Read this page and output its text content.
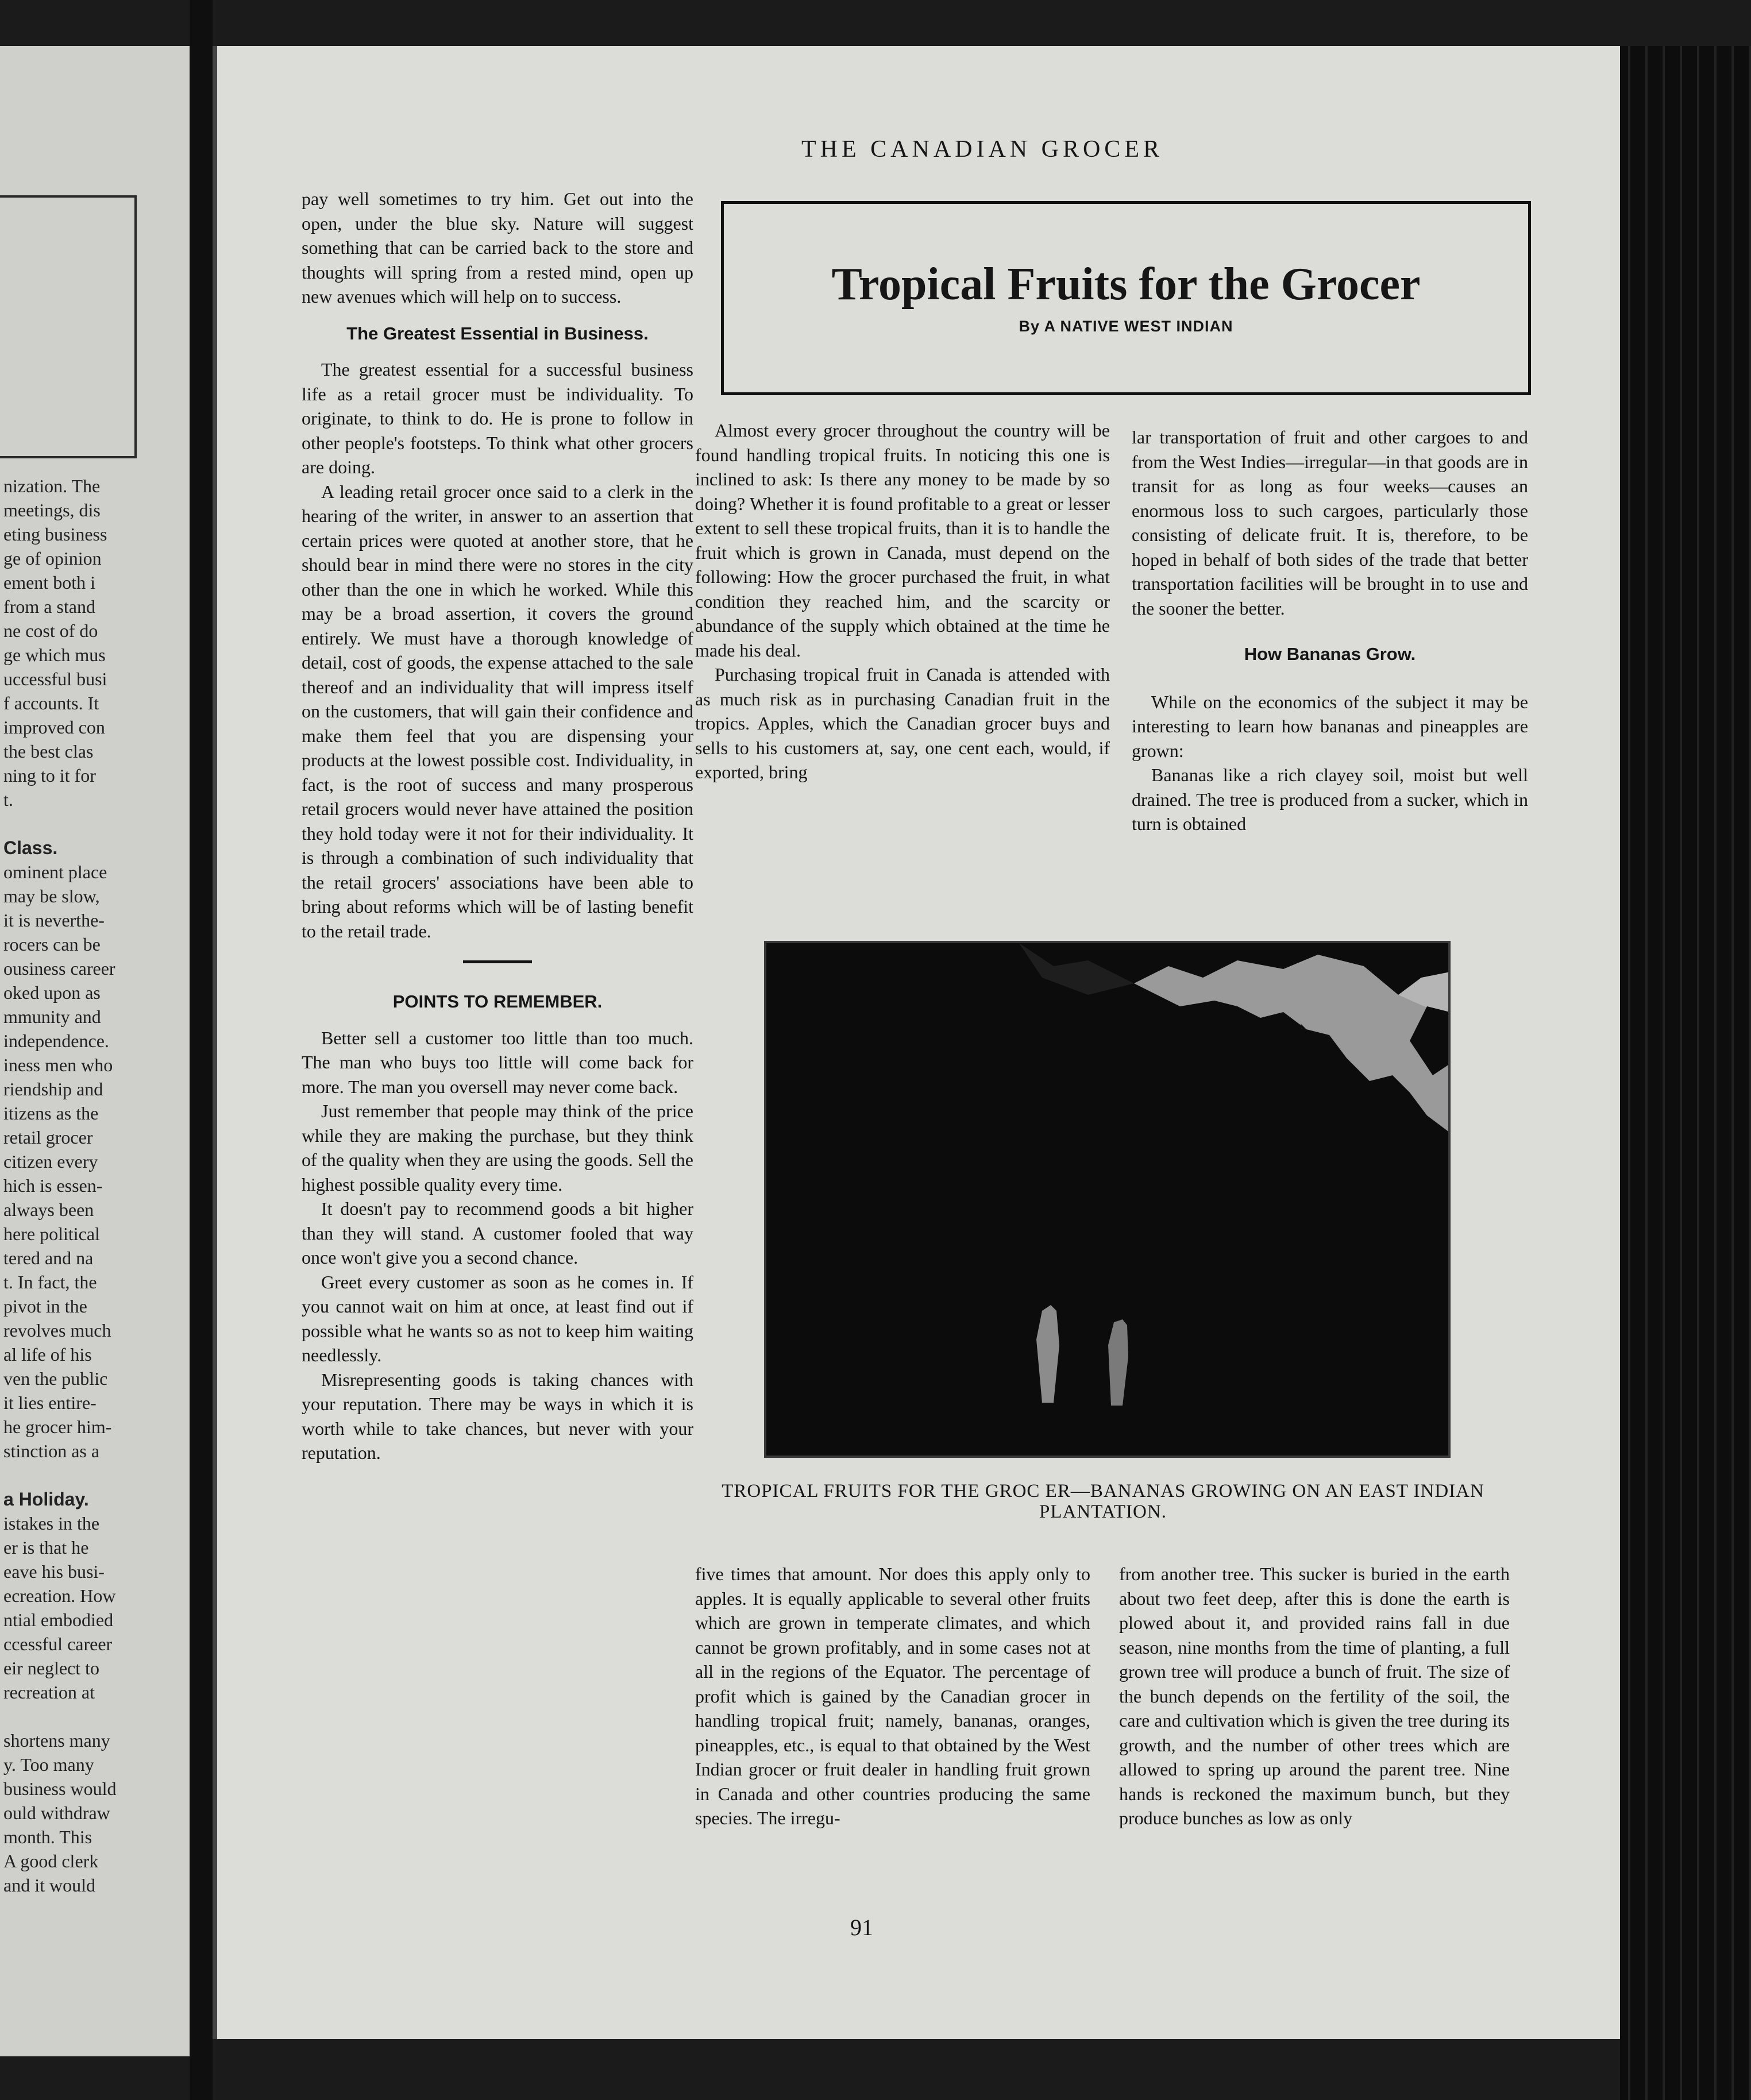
nization. The
meetings, dis
eting business
ge of opinion
ement both i
from a stand
ne cost of do
ge which mus
uccessful busi
f accounts. It
improved con
the best clas
ning to it for
t.

Class.
ominent place
may be slow,
it is neverthe-
rocers can be
ousiness career
oked upon as
mmunity and
independence.
iness men who
riendship and
itizens as the
retail grocer
citizen every
hich is essen-
always been
here political
tered and na
t. In fact, the
pivot in the
revolves much
al life of his
ven the public
it lies entire-
he grocer him-
stinction as a

a Holiday.
istakes in the
er is that he
eave his busi-
ecreation. How
ntial embodied
ccessful career
eir neglect to
recreation at

shortens many
y. Too many
business would
ould withdraw
month. This
A good clerk
and it would
THE CANADIAN GROCER

pay well sometimes to try him. Get out into the open, under the blue sky. Nature will suggest something that can be carried back to the store and thoughts will spring from a rested mind, open up new avenues which will help on to success.

The Greatest Essential in Business.

The greatest essential for a successful business life as a retail grocer must be individuality. To originate, to think to do. He is prone to follow in other people's footsteps. To think what other grocers are doing.

A leading retail grocer once said to a clerk in the hearing of the writer, in answer to an assertion that certain prices were quoted at another store, that he should bear in mind there were no stores in the city other than the one in which he worked. While this may be a broad assertion, it covers the ground entirely. We must have a thorough knowledge of detail, cost of goods, the expense attached to the sale thereof and an individuality that will impress itself on the customers, that will gain their confidence and make them feel that you are dispensing your products at the lowest possible cost. Individuality, in fact, is the root of success and many prosperous retail grocers would never have attained the position they hold today were it not for their individuality. It is through a combination of such individuality that the retail grocers' associations have been able to bring about reforms which will be of lasting benefit to the retail trade.

POINTS TO REMEMBER.

Better sell a customer too little than too much. The man who buys too little will come back for more. The man you oversell may never come back.

Just remember that people may think of the price while they are making the purchase, but they think of the quality when they are using the goods. Sell the highest possible quality every time.

It doesn't pay to recommend goods a bit higher than they will stand. A customer fooled that way once won't give you a second chance.

Greet every customer as soon as he comes in. If you cannot wait on him at once, at least find out if possible what he wants so as not to keep him waiting needlessly.

Misrepresenting goods is taking chances with your reputation. There may be ways in which it is worth while to take chances, but never with your reputation.

Tropical Fruits for the Grocer
By A NATIVE WEST INDIAN

Almost every grocer throughout the country will be found handling tropical fruits. In noticing this one is inclined to ask: Is there any money to be made by so doing? Whether it is found profitable to a great or lesser extent to sell these tropical fruits, than it is to handle the fruit which is grown in Canada, must depend on the following: How the grocer purchased the fruit, in what condition they reached him, and the scarcity or abundance of the supply which obtained at the time he made his deal.

Purchasing tropical fruit in Canada is attended with as much risk as in purchasing Canadian fruit in the tropics. Apples, which the Canadian grocer buys and sells to his customers at, say, one cent each, would, if exported, bring

lar transportation of fruit and other cargoes to and from the West Indies—irregular—in that goods are in transit for as long as four weeks—causes an enormous loss to such cargoes, particularly those consisting of delicate fruit. It is, therefore, to be hoped in behalf of both sides of the trade that better transportation facilities will be brought in to use and the sooner the better.

How Bananas Grow.

While on the economics of the subject it may be interesting to learn how bananas and pineapples are grown:

Bananas like a rich clayey soil, moist but well drained. The tree is produced from a sucker, which in turn is obtained

TROPICAL FRUITS FOR THE GROC ER—BANANAS GROWING ON AN EAST INDIAN PLANTATION.

five times that amount. Nor does this apply only to apples. It is equally applicable to several other fruits which are grown in temperate climates, and which cannot be grown profitably, and in some cases not at all in the regions of the Equator. The percentage of profit which is gained by the Canadian grocer in handling tropical fruit; namely, bananas, oranges, pineapples, etc., is equal to that obtained by the West Indian grocer or fruit dealer in handling fruit grown in Canada and other countries producing the same species. The irregu-

from another tree. This sucker is buried in the earth about two feet deep, after this is done the earth is plowed about it, and provided rains fall in due season, nine months from the time of planting, a full grown tree will produce a bunch of fruit. The size of the bunch depends on the fertility of the soil, the care and cultivation which is given the tree during its growth, and the number of other trees which are allowed to spring up around the parent tree. Nine hands is reckoned the maximum bunch, but they produce bunches as low as only

91
